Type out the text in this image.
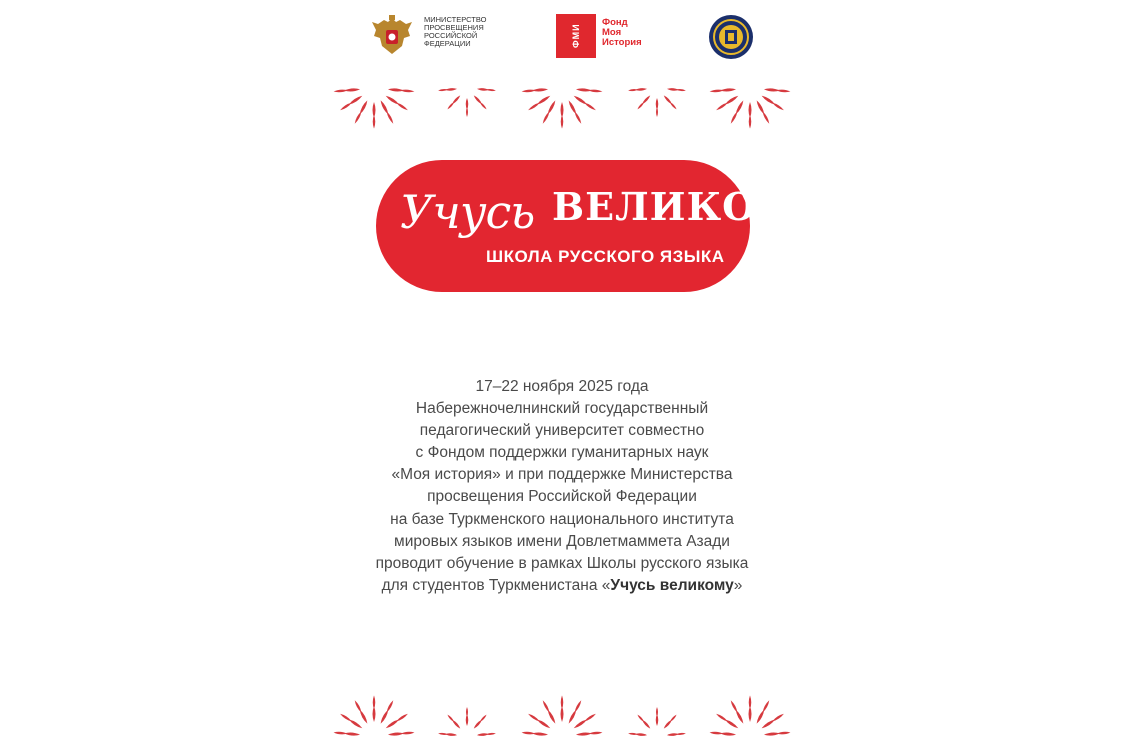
МИНИСТЕРСТВО
ПРОСВЕЩЕНИЯ
РОССИЙСКОЙ
ФЕДЕРАЦИИ	ФМИ
Фонд
Моя
История
Учусь ВЕЛИКОМУ
ШКОЛА РУССКОГО ЯЗЫКА

17–22 ноября 2025 года

Набережночелнинский государственный

педагогический университет совместно

с Фондом поддержки гуманитарных наук

«Моя история» и при поддержке Министерства

просвещения Российской Федерации

на базе Туркменского национального института

мировых языков имени Довлетмаммета Азади

проводит обучение в рамках Школы русского языка

для студентов Туркменистана «Учусь великому»
